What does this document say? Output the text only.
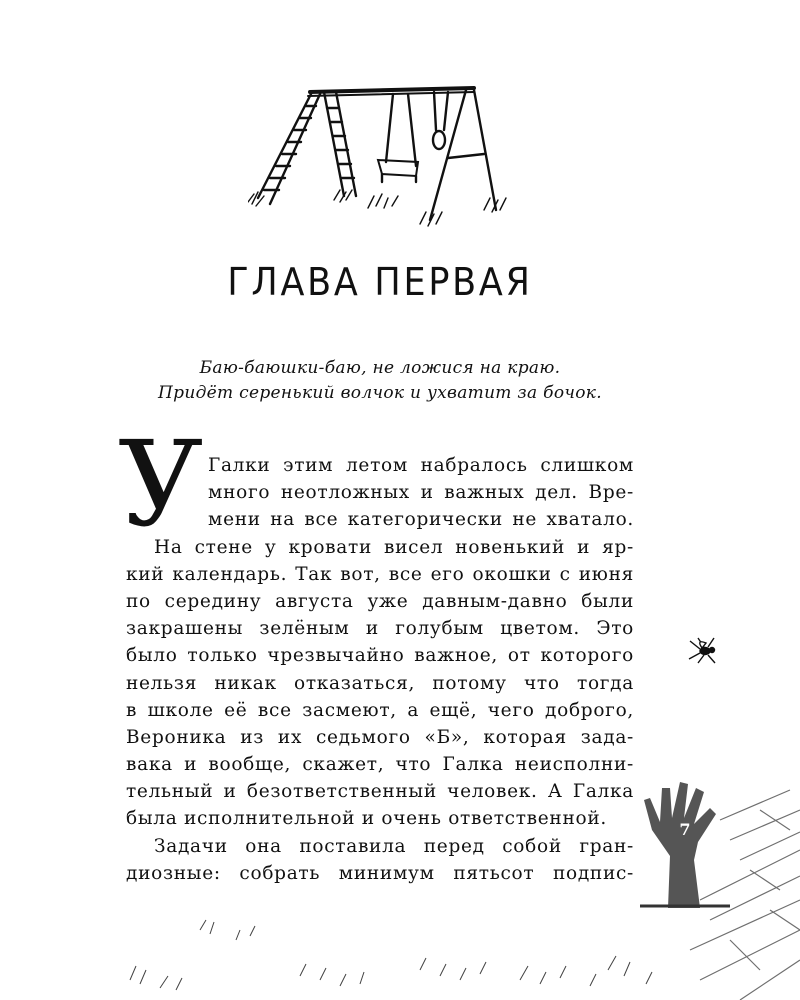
ГЛАВА ПЕРВАЯ
Баю-баюшки-баю, не ложися на краю.
Придёт серенький волчок и ухватит за бочок.
У Галки этим летом набралось слишком
много неотложных и важных дел. Вре-
мени на все категорически не хватало.
На стене у кровати висел новенький и яр-
кий календарь. Так вот, все его окошки с июня
по середину августа уже давным-давно были
закрашены зелёным и голубым цветом. Это
было только чрезвычайно важное, от которого
нельзя никак отказаться, потому что тогда
в школе её все засмеют, а ещё, чего доброго,
Вероника из их седьмого «Б», которая зада-
вака и вообще, скажет, что Галка неисполни-
тельный и безответственный человек. А Галка
была исполнительной и очень ответственной.
Задачи она поставила перед собой гран-
диозные: собрать минимум пятьсот подпис-
7
